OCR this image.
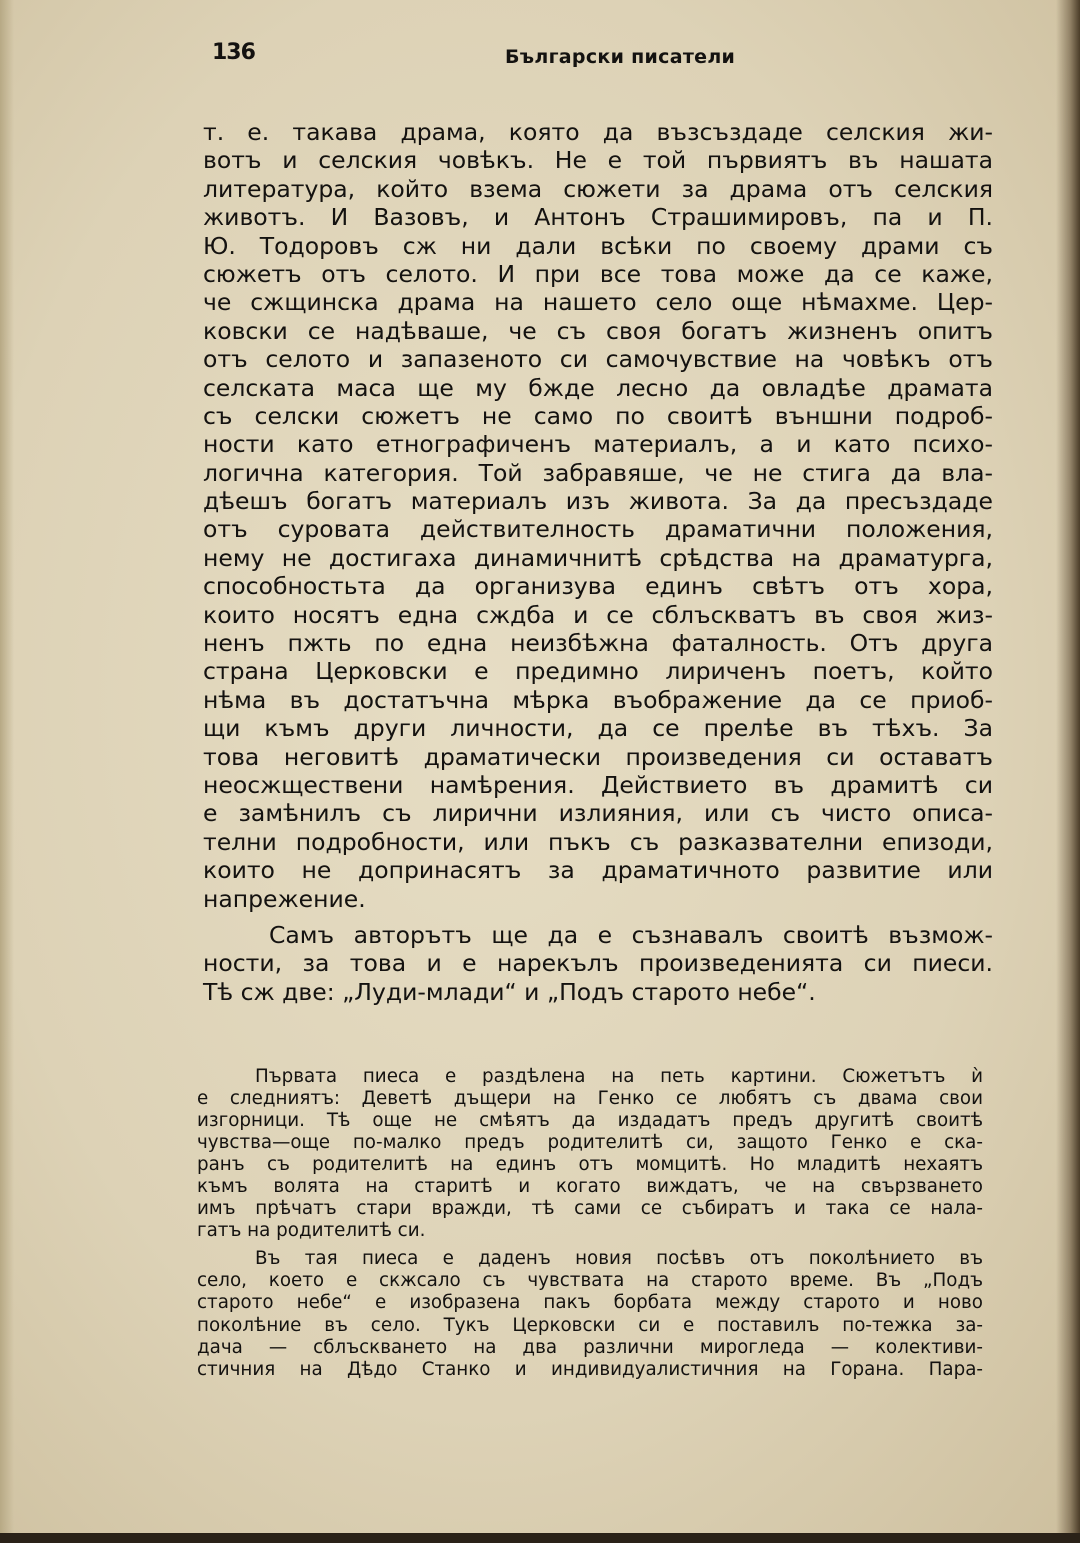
136	Български писатели
т. е. такава драма, която да възсъздаде селския жи-
вотъ и селския човѣкъ. Не е той първиятъ въ нашата
литература, който взема сюжети за драма отъ селския
животъ. И Вазовъ, и Антонъ Страшимировъ, па и П.
Ю. Тодоровъ сж ни дали всѣки по своему драми съ
сюжетъ отъ селото. И при все това може да се каже,
че сжщинска драма на нашето село още нѣмахме. Цер-
ковски се надѣваше, че съ своя богатъ жизненъ опитъ
отъ селото и запазеното си самочувствие на човѣкъ отъ
селската маса ще му бжде лесно да овладѣе драмата
съ селски сюжетъ не само по своитѣ външни подроб-
ности като етнографиченъ материалъ, а и като психо-
логична категория. Той забравяше, че не стига да вла-
дѣешъ богатъ материалъ изъ живота. За да пресъздаде
отъ суровата действителность драматични положения,
нему не достигаха динамичнитѣ срѣдства на драматурга,
способностьта да организува единъ свѣтъ отъ хора,
които носятъ една сждба и се сблъскватъ въ своя жиз-
ненъ пжть по една неизбѣжна фаталность. Отъ друга
страна Церковски е предимно лиричeнъ поетъ, който
нѣма въ достатъчна мѣрка въображение да се приоб-
щи къмъ други личности, да се прелѣе въ тѣхъ. За
това неговитѣ драматически произведения си оставатъ
неосжществени намѣрения. Действието въ драмитѣ си
е замѣнилъ съ лирични излияния, или съ чисто описа-
телни подробности, или пъкъ съ разказвателни епизоди,
които не допринасятъ за драматичното развитие или
напрежение.
Самъ авторътъ ще да е съзнавалъ своитѣ възмож-
ности, за това и е нарекълъ произведенията си пиеси.
Тѣ сж две: „Луди-млади“ и „Подъ старото небе“.
Първата пиеса е раздѣлена на петь картини. Сюжетътъ ѝ
е следниятъ: Деветѣ дъщери на Генко се любятъ съ двама свои
изгорници. Тѣ още не смѣятъ да издадатъ предъ другитѣ своитѣ
чувства—още по-малко предъ родителитѣ си, защото Генко е ска-
ранъ съ родителитѣ на единъ отъ момцитѣ. Но младитѣ нехаятъ
къмъ волята на старитѣ и когато виждатъ, че на свързването
имъ прѣчатъ стари вражди, тѣ сами се събиратъ и така се нала-
гатъ на родителитѣ си.
Въ тая пиеса е даденъ новия посѣвъ отъ поколѣнието въ
село, което е скжсало съ чувствата на старото време. Въ „Подъ
старото небе“ е изобразена пакъ борбата между старото и ново
поколѣние въ село. Тукъ Церковски си е поставилъ по-тежка за-
дача — сблъскването на два различни мирогледа — колективи-
стичния на Дѣдо Станко и индивидуалистичния на Горана. Пара-
